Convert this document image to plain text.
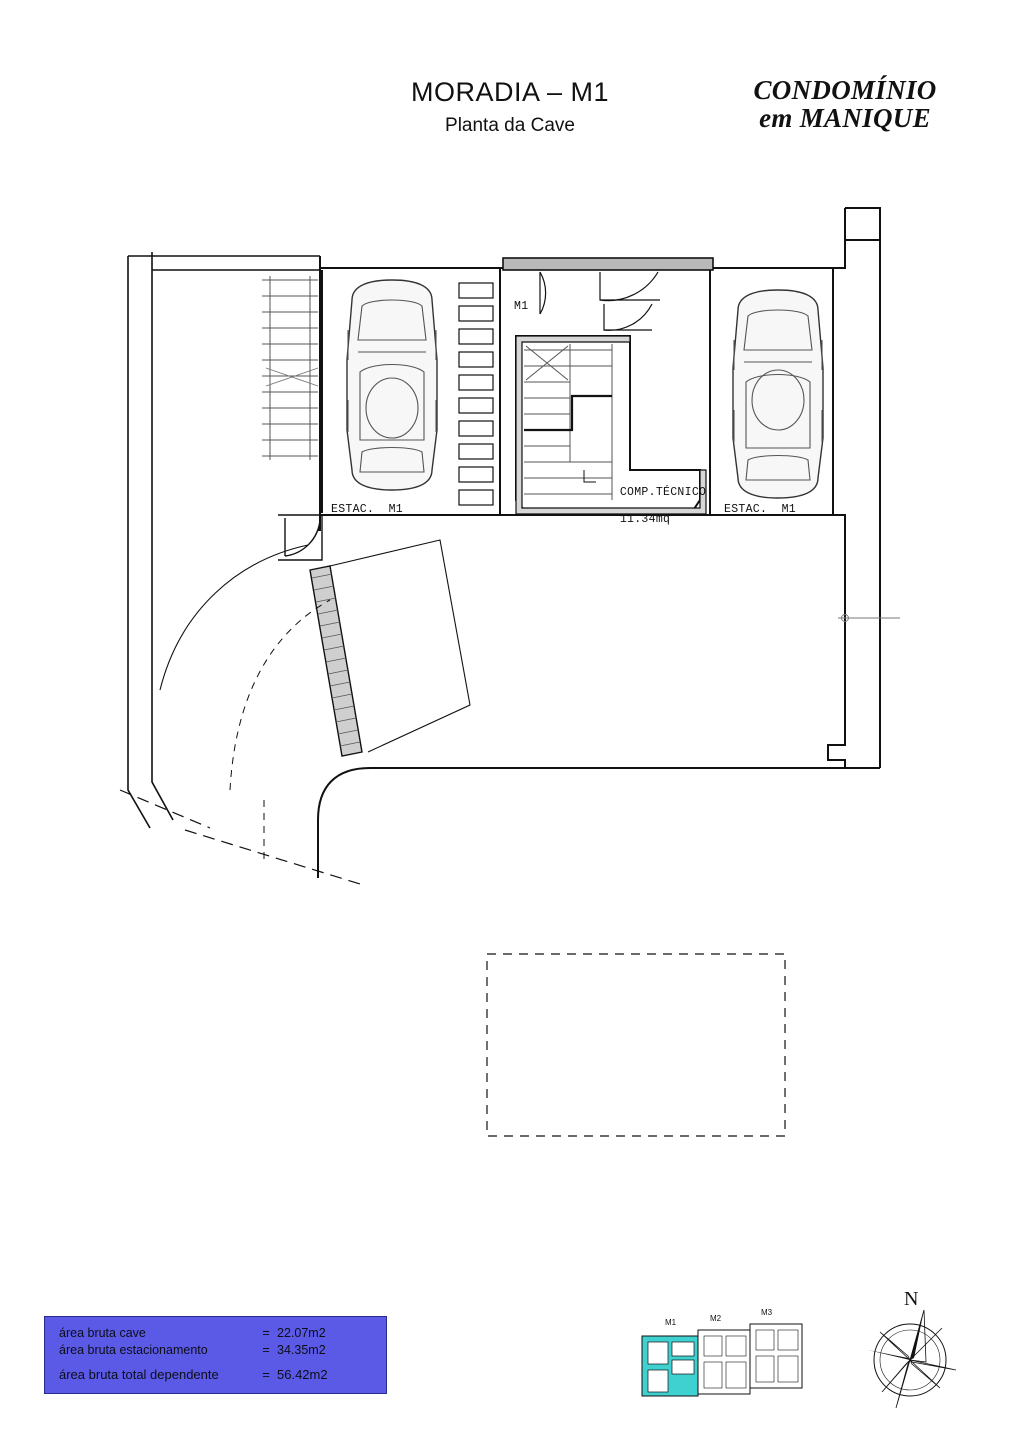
MORADIA – M1
Planta da Cave
CONDOMÍNIO
em MANIQUE
M1
ESTAC.  M1	ESTAC.  M1

COMP.TÉCNICO

11.34mq

área bruta cave	= 22.07m2
área bruta estacionamento	= 34.35m2
área bruta total dependente	= 56.42m2
M1	M2
M3
N
